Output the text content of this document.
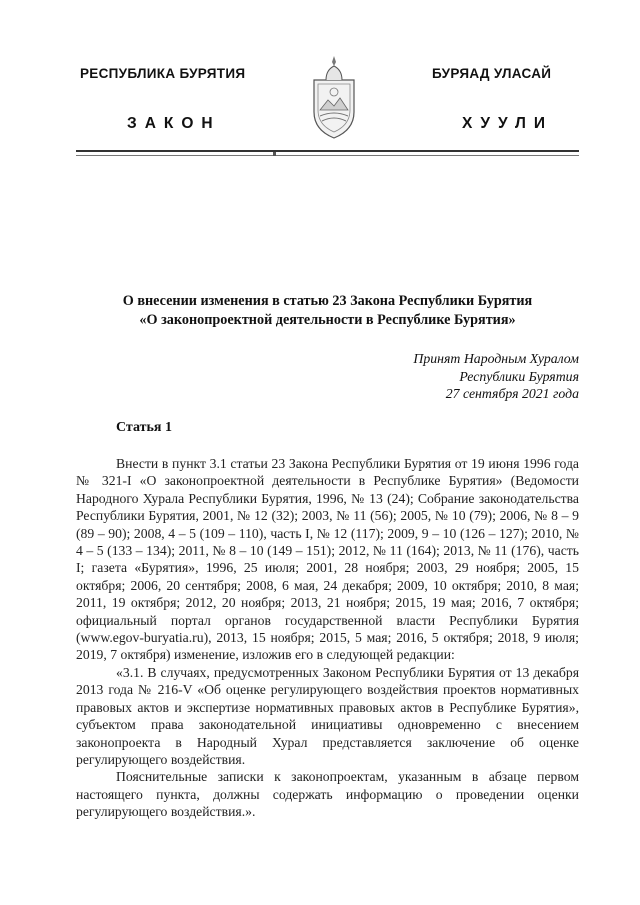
РЕСПУБЛИКА БУРЯТИЯ	БУРЯАД УЛАСАЙ
ЗАКОН	ХУУЛИ
О внесении изменения в статью 23 Закона Республики Бурятия
«О законопроектной деятельности в Республике Бурятия»
Принят Народным Хуралом
Республики Бурятия
27 сентября 2021 года
Статья 1

Внести в пункт 3.1 статьи 23 Закона Республики Бурятия от 19 июня 1996 года № 321-I «О законопроектной деятельности в Республике Бурятия» (Ведомости Народного Хурала Республики Бурятия, 1996, № 13 (24); Собрание законодательства Республики Бурятия, 2001, № 12 (32); 2003, № 11 (56); 2005, № 10 (79); 2006, № 8 – 9 (89 – 90); 2008, 4 – 5 (109 – 110), часть I, № 12 (117); 2009, 9 – 10 (126 – 127); 2010, № 4 – 5 (133 – 134); 2011, № 8 – 10 (149 – 151); 2012, № 11 (164); 2013, № 11 (176), часть I; газета «Бурятия», 1996, 25 июля; 2001, 28 ноября; 2003, 29 ноября; 2005, 15 октября; 2006, 20 сентября; 2008, 6 мая, 24 декабря; 2009, 10 октября; 2010, 8 мая; 2011, 19 октября; 2012, 20 ноября; 2013, 21 ноября; 2015, 19 мая; 2016, 7 октября; официальный портал органов государственной власти Республики Бурятия (www.egov-buryatia.ru), 2013, 15 ноября; 2015, 5 мая; 2016, 5 октября; 2018, 9 июля; 2019, 7 октября) изменение, изложив его в следующей редакции:

«3.1. В случаях, предусмотренных Законом Республики Бурятия от 13 декабря 2013 года № 216-V «Об оценке регулирующего воздействия проектов нормативных правовых актов и экспертизе нормативных правовых актов в Республике Бурятия», субъектом права законодательной инициативы одновременно с внесением законопроекта в Народный Хурал представляется заключение об оценке регулирующего воздействия.

Пояснительные записки к законопроектам, указанным в абзаце первом настоящего пункта, должны содержать информацию о проведении оценки регулирующего воздействия.».
